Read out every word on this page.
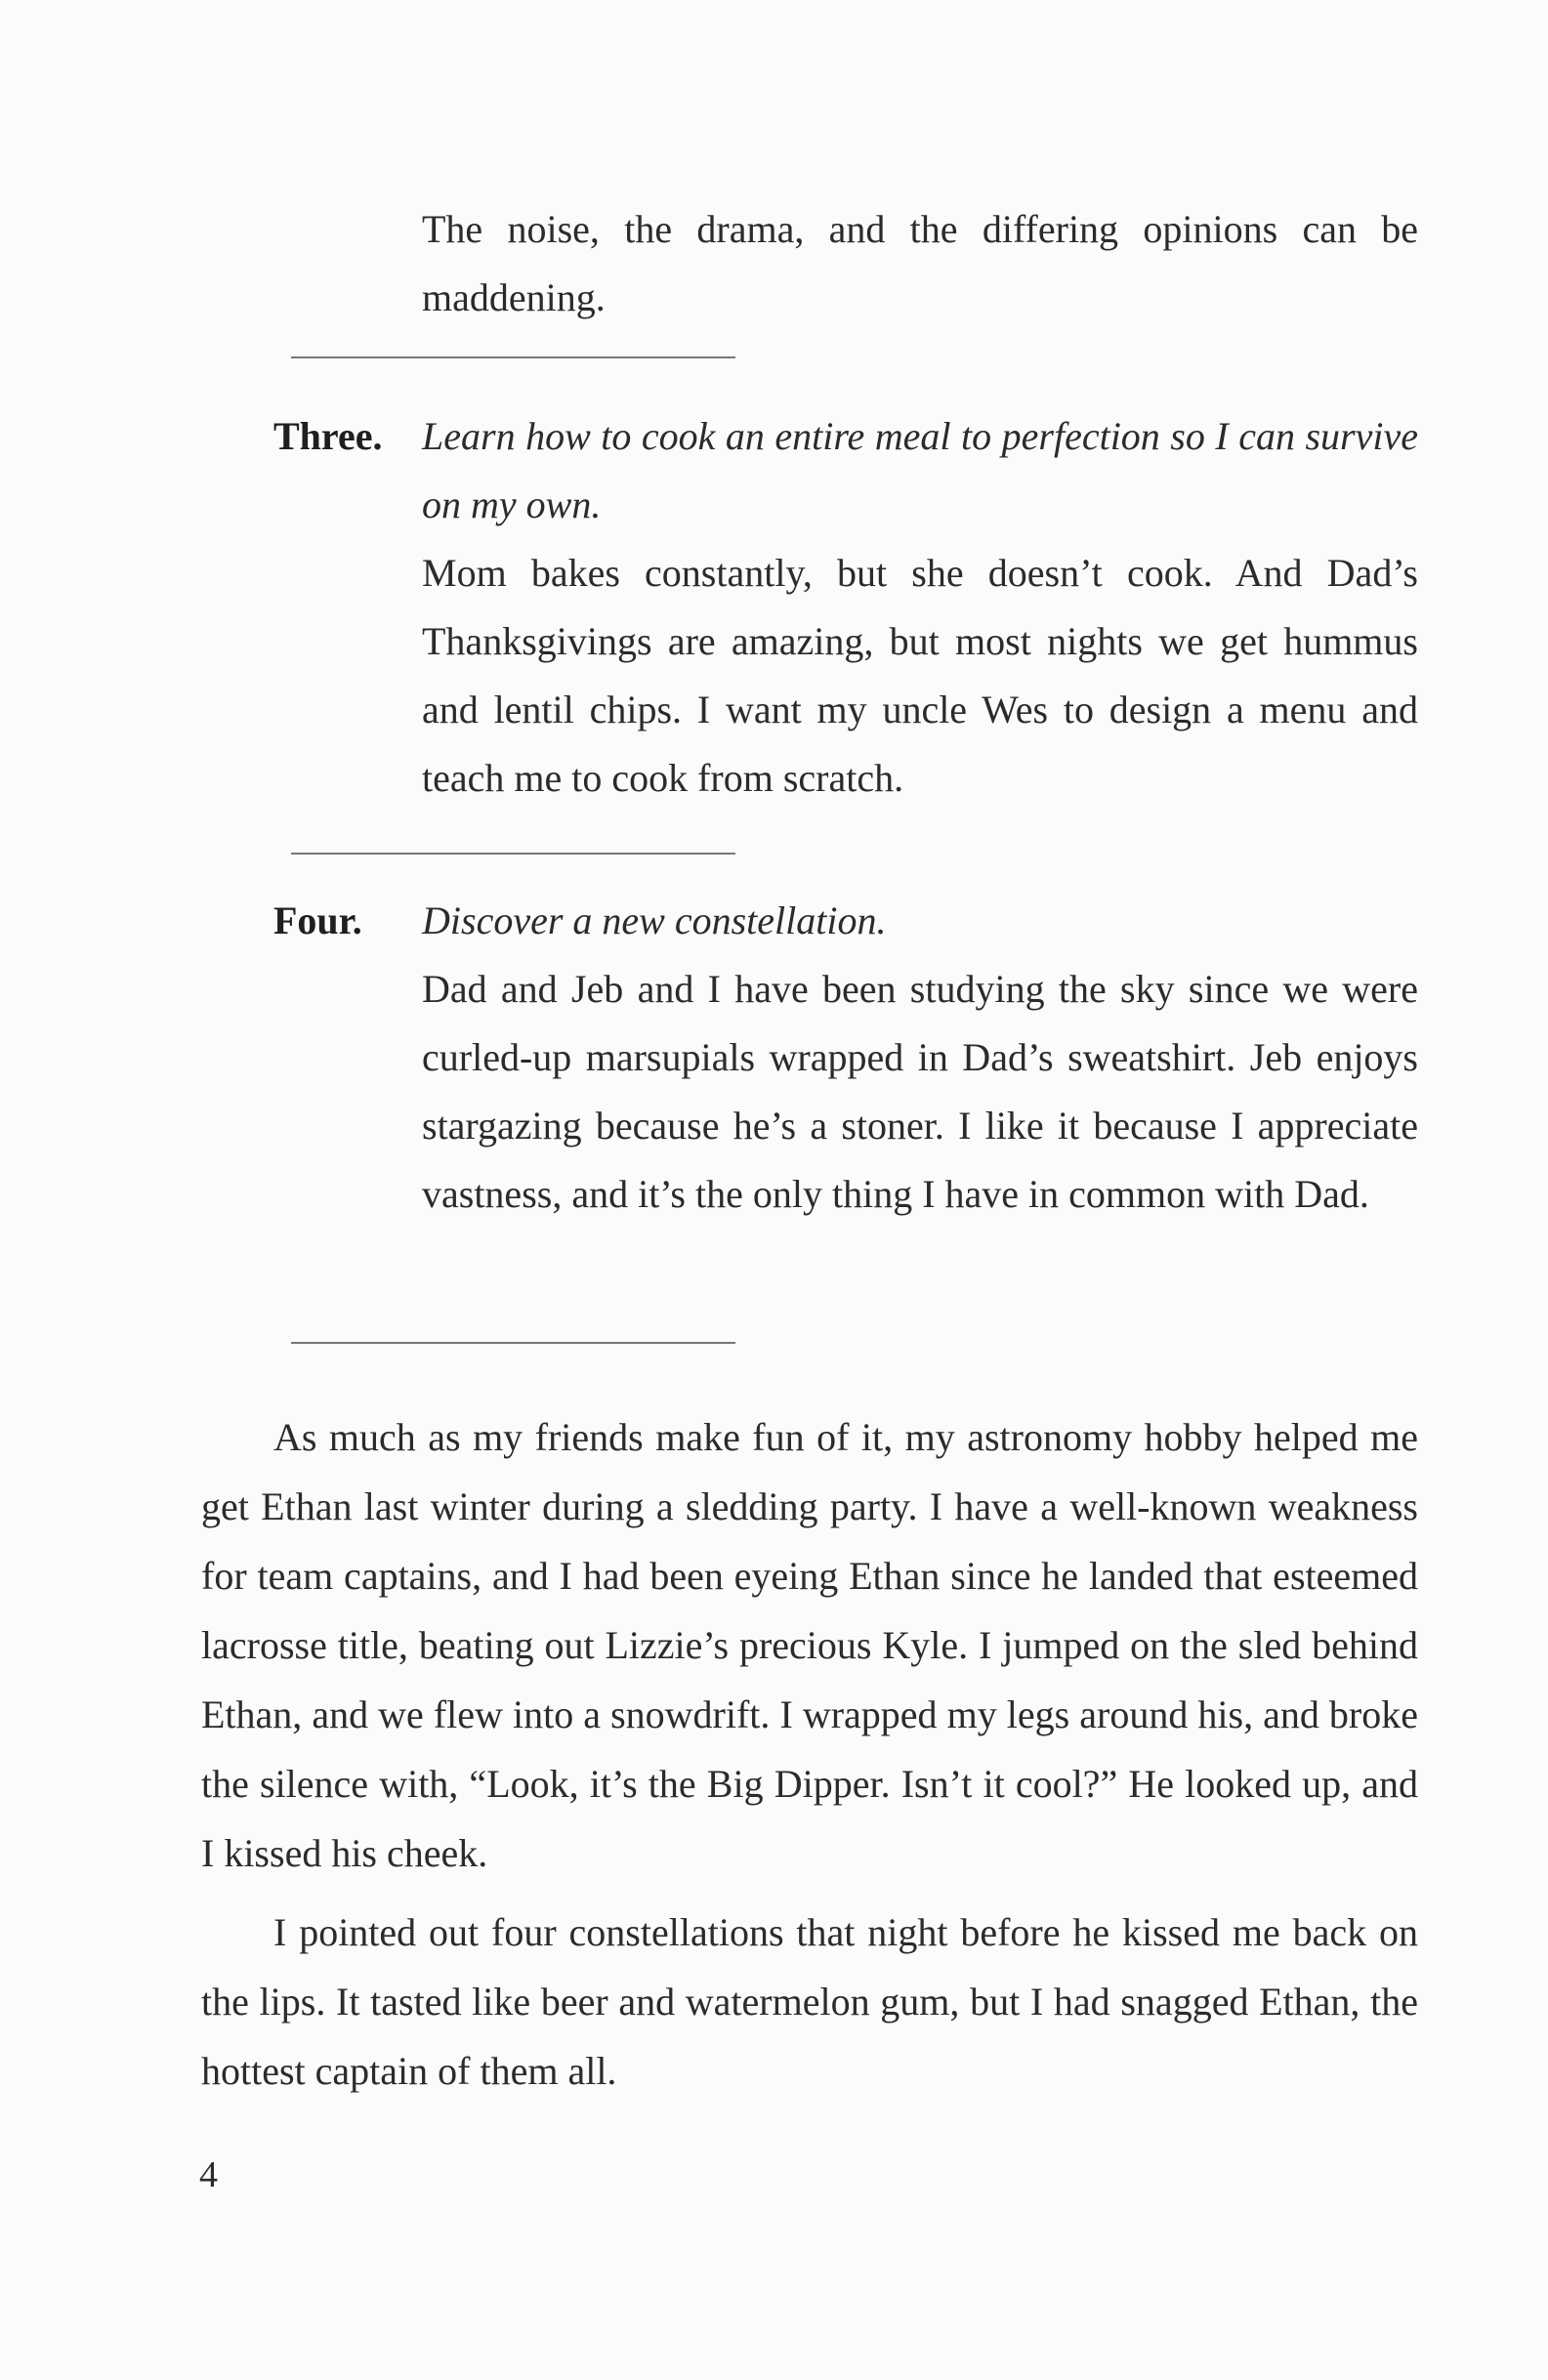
The noise, the drama, and the differing opinions can be maddening.

Three. Learn how to cook an entire meal to perfection so I can survive on my own.

Mom bakes constantly, but she doesn’t cook. And Dad’s Thanksgivings are amazing, but most nights we get hummus and lentil chips. I want my uncle Wes to design a menu and teach me to cook from scratch.

Four. Discover a new constellation.

Dad and Jeb and I have been studying the sky since we were curled-up marsupials wrapped in Dad’s sweatshirt. Jeb enjoys stargazing because he’s a stoner. I like it because I appreciate vastness, and it’s the only thing I have in common with Dad.

As much as my friends make fun of it, my astronomy hobby helped me get Ethan last winter during a sledding party. I have a well-known weakness for team captains, and I had been eyeing Ethan since he landed that esteemed lacrosse title, beating out Lizzie’s precious Kyle. I jumped on the sled behind Ethan, and we flew into a snowdrift. I wrapped my legs around his, and broke the silence with, “Look, it’s the Big Dipper. Isn’t it cool?” He looked up, and I kissed his cheek.

I pointed out four constellations that night before he kissed me back on the lips. It tasted like beer and watermelon gum, but I had snagged Ethan, the hottest captain of them all.

4
